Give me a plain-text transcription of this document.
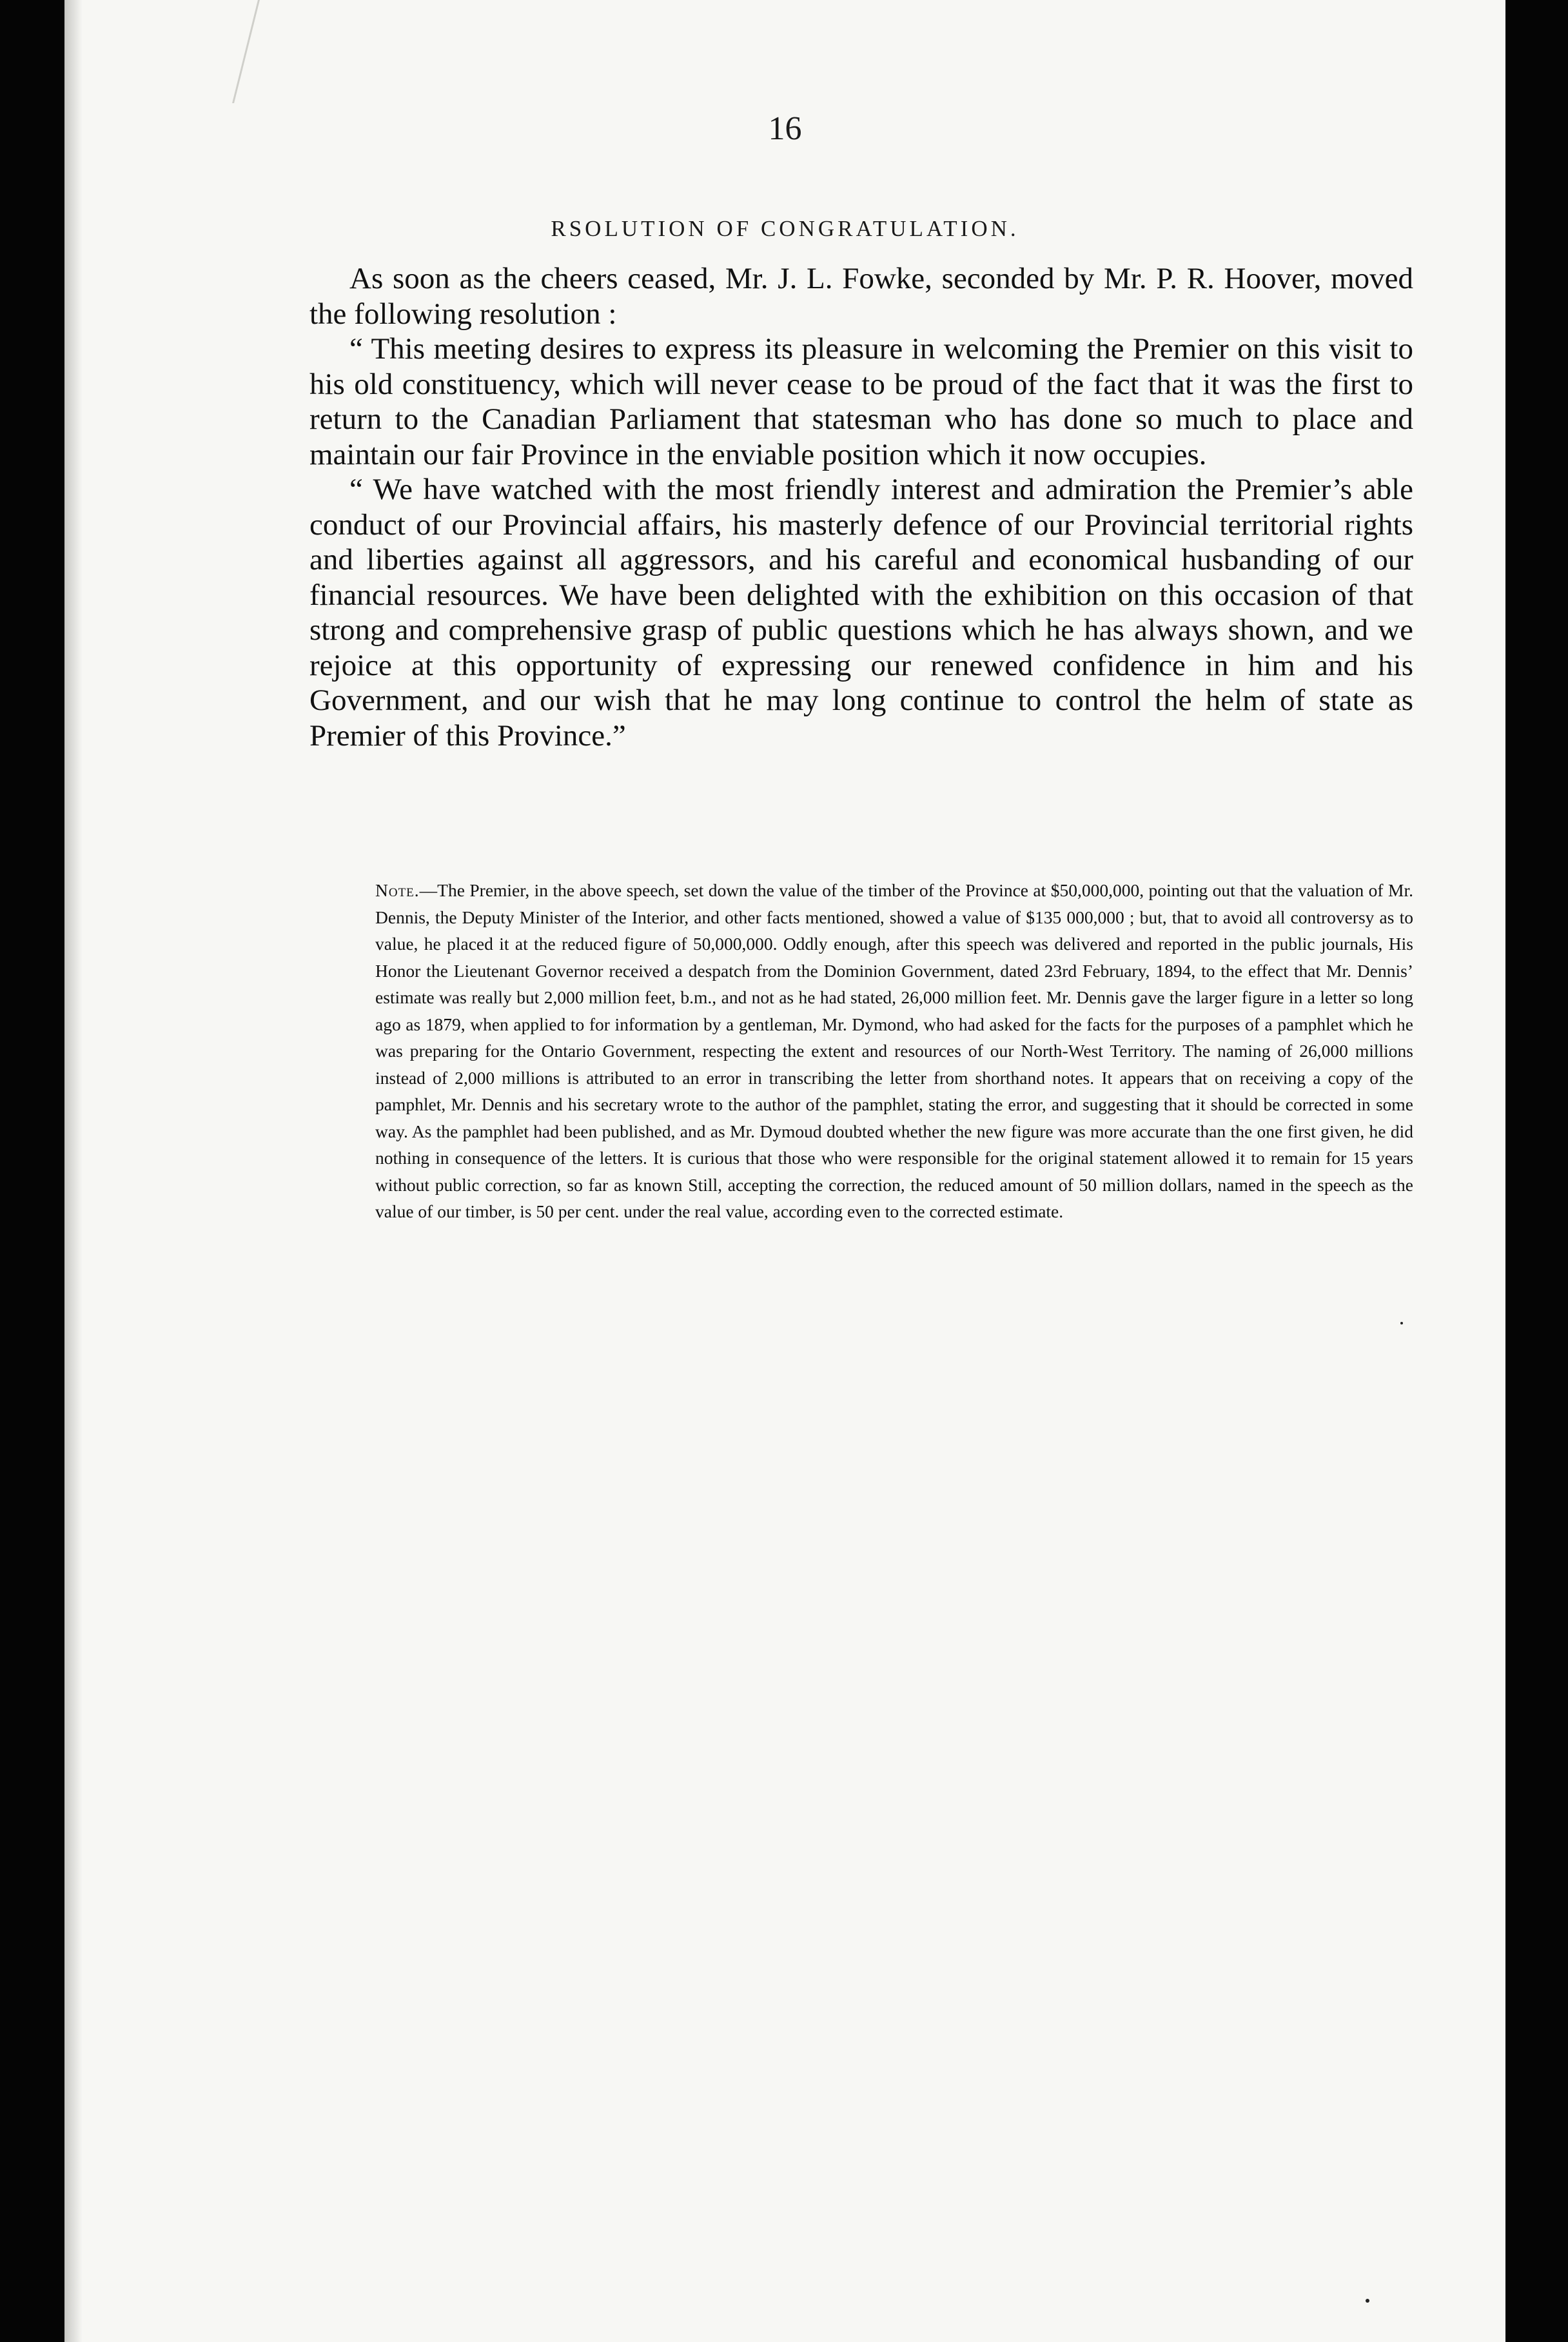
16
RSOLUTION OF CONGRATULATION.

As soon as the cheers ceased, Mr. J. L. Fowke, seconded by Mr. P. R. Hoover, moved the following resolution :

“ This meeting desires to express its pleasure in welcoming the Premier on this visit to his old constituency, which will never cease to be proud of the fact that it was the first to return to the Canadian Parliament that statesman who has done so much to place and maintain our fair Province in the enviable position which it now occupies.

“ We have watched with the most friendly interest and admiration the Premier’s able conduct of our Provincial affairs, his masterly defence of our Provincial territorial rights and liberties against all aggressors, and his careful and economical husbanding of our financial resources. We have been delighted with the exhibition on this occasion of that strong and comprehensive grasp of public questions which he has always shown, and we rejoice at this opportunity of expressing our renewed confidence in him and his Government, and our wish that he may long continue to control the helm of state as Premier of this Province.”

Note.—The Premier, in the above speech, set down the value of the timber of the Province at $50,000,000, pointing out that the valuation of Mr. Dennis, the Deputy Minister of the Interior, and other facts mentioned, showed a value of $135 000,000 ; but, that to avoid all controversy as to value, he placed it at the reduced figure of 50,000,000. Oddly enough, after this speech was delivered and reported in the public journals, His Honor the Lieutenant Governor received a despatch from the Dominion Government, dated 23rd February, 1894, to the effect that Mr. Dennis’ estimate was really but 2,000 million feet, b.m., and not as he had stated, 26,000 million feet. Mr. Dennis gave the larger figure in a letter so long ago as 1879, when applied to for information by a gentleman, Mr. Dymond, who had asked for the facts for the purposes of a pamphlet which he was preparing for the Ontario Government, respecting the extent and resources of our North-West Territory. The naming of 26,000 millions instead of 2,000 millions is attributed to an error in transcribing the letter from shorthand notes. It appears that on receiving a copy of the pamphlet, Mr. Dennis and his secretary wrote to the author of the pamphlet, stating the error, and suggesting that it should be corrected in some way. As the pamphlet had been published, and as Mr. Dymoud doubted whether the new figure was more accurate than the one first given, he did nothing in consequence of the letters. It is curious that those who were responsible for the original statement allowed it to remain for 15 years without public correction, so far as known Still, accepting the correction, the reduced amount of 50 million dollars, named in the speech as the value of our timber, is 50 per cent. under the real value, according even to the corrected estimate.
